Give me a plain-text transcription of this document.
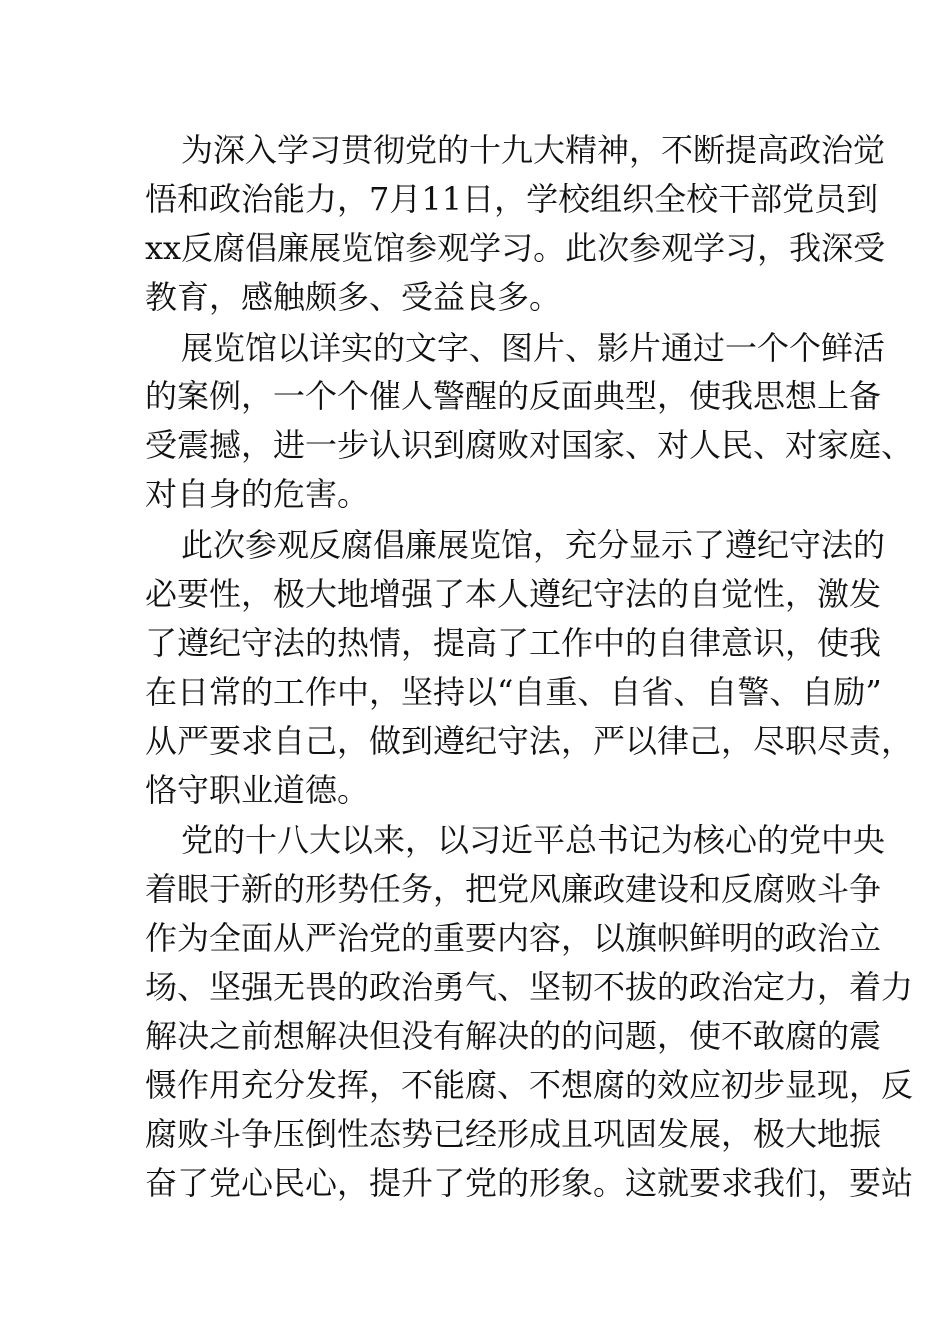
为深入学习贯彻党的十九大精神，不断提高政治觉
悟和政治能力，7月11日，学校组织全校干部党员到
xx反腐倡廉展览馆参观学习。此次参观学习，我深受
教育，感触颇多、受益良多。

展览馆以详实的文字、图片、影片通过一个个鲜活
的案例，一个个催人警醒的反面典型，使我思想上备
受震撼，进一步认识到腐败对国家、对人民、对家庭、
对自身的危害。

此次参观反腐倡廉展览馆，充分显示了遵纪守法的
必要性，极大地增强了本人遵纪守法的自觉性，激发
了遵纪守法的热情，提高了工作中的自律意识，使我
在日常的工作中，坚持以“自重、自省、自警、自励”
从严要求自己，做到遵纪守法，严以律己，尽职尽责，
恪守职业道德。

党的十八大以来，以习近平总书记为核心的党中央
着眼于新的形势任务，把党风廉政建设和反腐败斗争
作为全面从严治党的重要内容，以旗帜鲜明的政治立
场、坚强无畏的政治勇气、坚韧不拔的政治定力，着力
解决之前想解决但没有解决的的问题，使不敢腐的震
慑作用充分发挥，不能腐、不想腐的效应初步显现，反
腐败斗争压倒性态势已经形成且巩固发展，极大地振
奋了党心民心，提升了党的形象。这就要求我们，要站
